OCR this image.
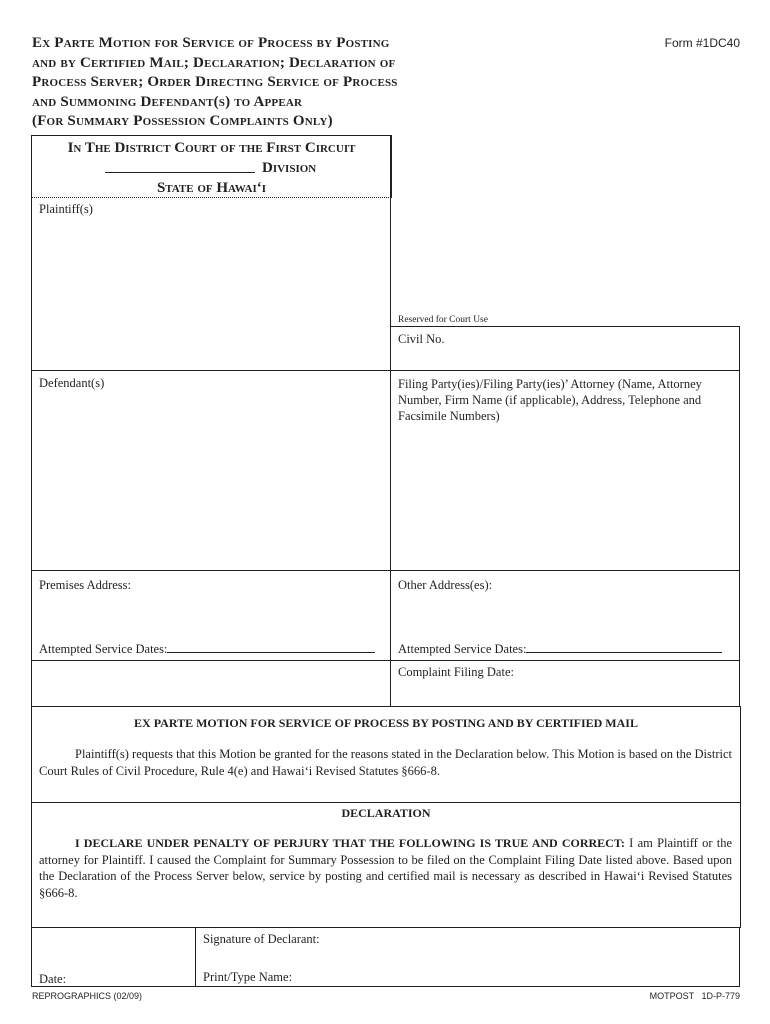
Ex Parte Motion for Service of Process by Posting
and by Certified Mail; Declaration; Declaration of
Process Server; Order Directing Service of Process
and Summoning Defendant(s) to Appear
(For Summary Possession Complaints Only)
Form #1DC40
In The District Court of the First Circuit
Division
State of Hawai‘i
Plaintiff(s)
Reserved for Court Use
Civil No.
Defendant(s)	Filing Party(ies)/Filing Party(ies)’ Attorney (Name, Attorney Number, Firm Name (if applicable), Address, Telephone and Facsimile Numbers)
Premises Address:	Other Address(es):
Attempted Service Dates:	Attempted Service Dates:
Complaint Filing Date:
EX PARTE MOTION FOR SERVICE OF PROCESS BY POSTING AND BY CERTIFIED MAIL
Plaintiff(s) requests that this Motion be granted for the reasons stated in the Declaration below. This Motion is based on the District Court Rules of Civil Procedure, Rule 4(e) and Hawai‘i Revised Statutes §666-8.
DECLARATION
I DECLARE UNDER PENALTY OF PERJURY THAT THE FOLLOWING IS TRUE AND CORRECT: I am Plaintiff or the attorney for Plaintiff. I caused the Complaint for Summary Possession to be filed on the Complaint Filing Date listed above. Based upon the Declaration of the Process Server below, service by posting and certified mail is necessary as described in Hawai‘i Revised Statutes §666-8.
Signature of Declarant:
Date:	Print/Type Name:
REPROGRAPHICS (02/09)	MOTPOST   1D-P-779
